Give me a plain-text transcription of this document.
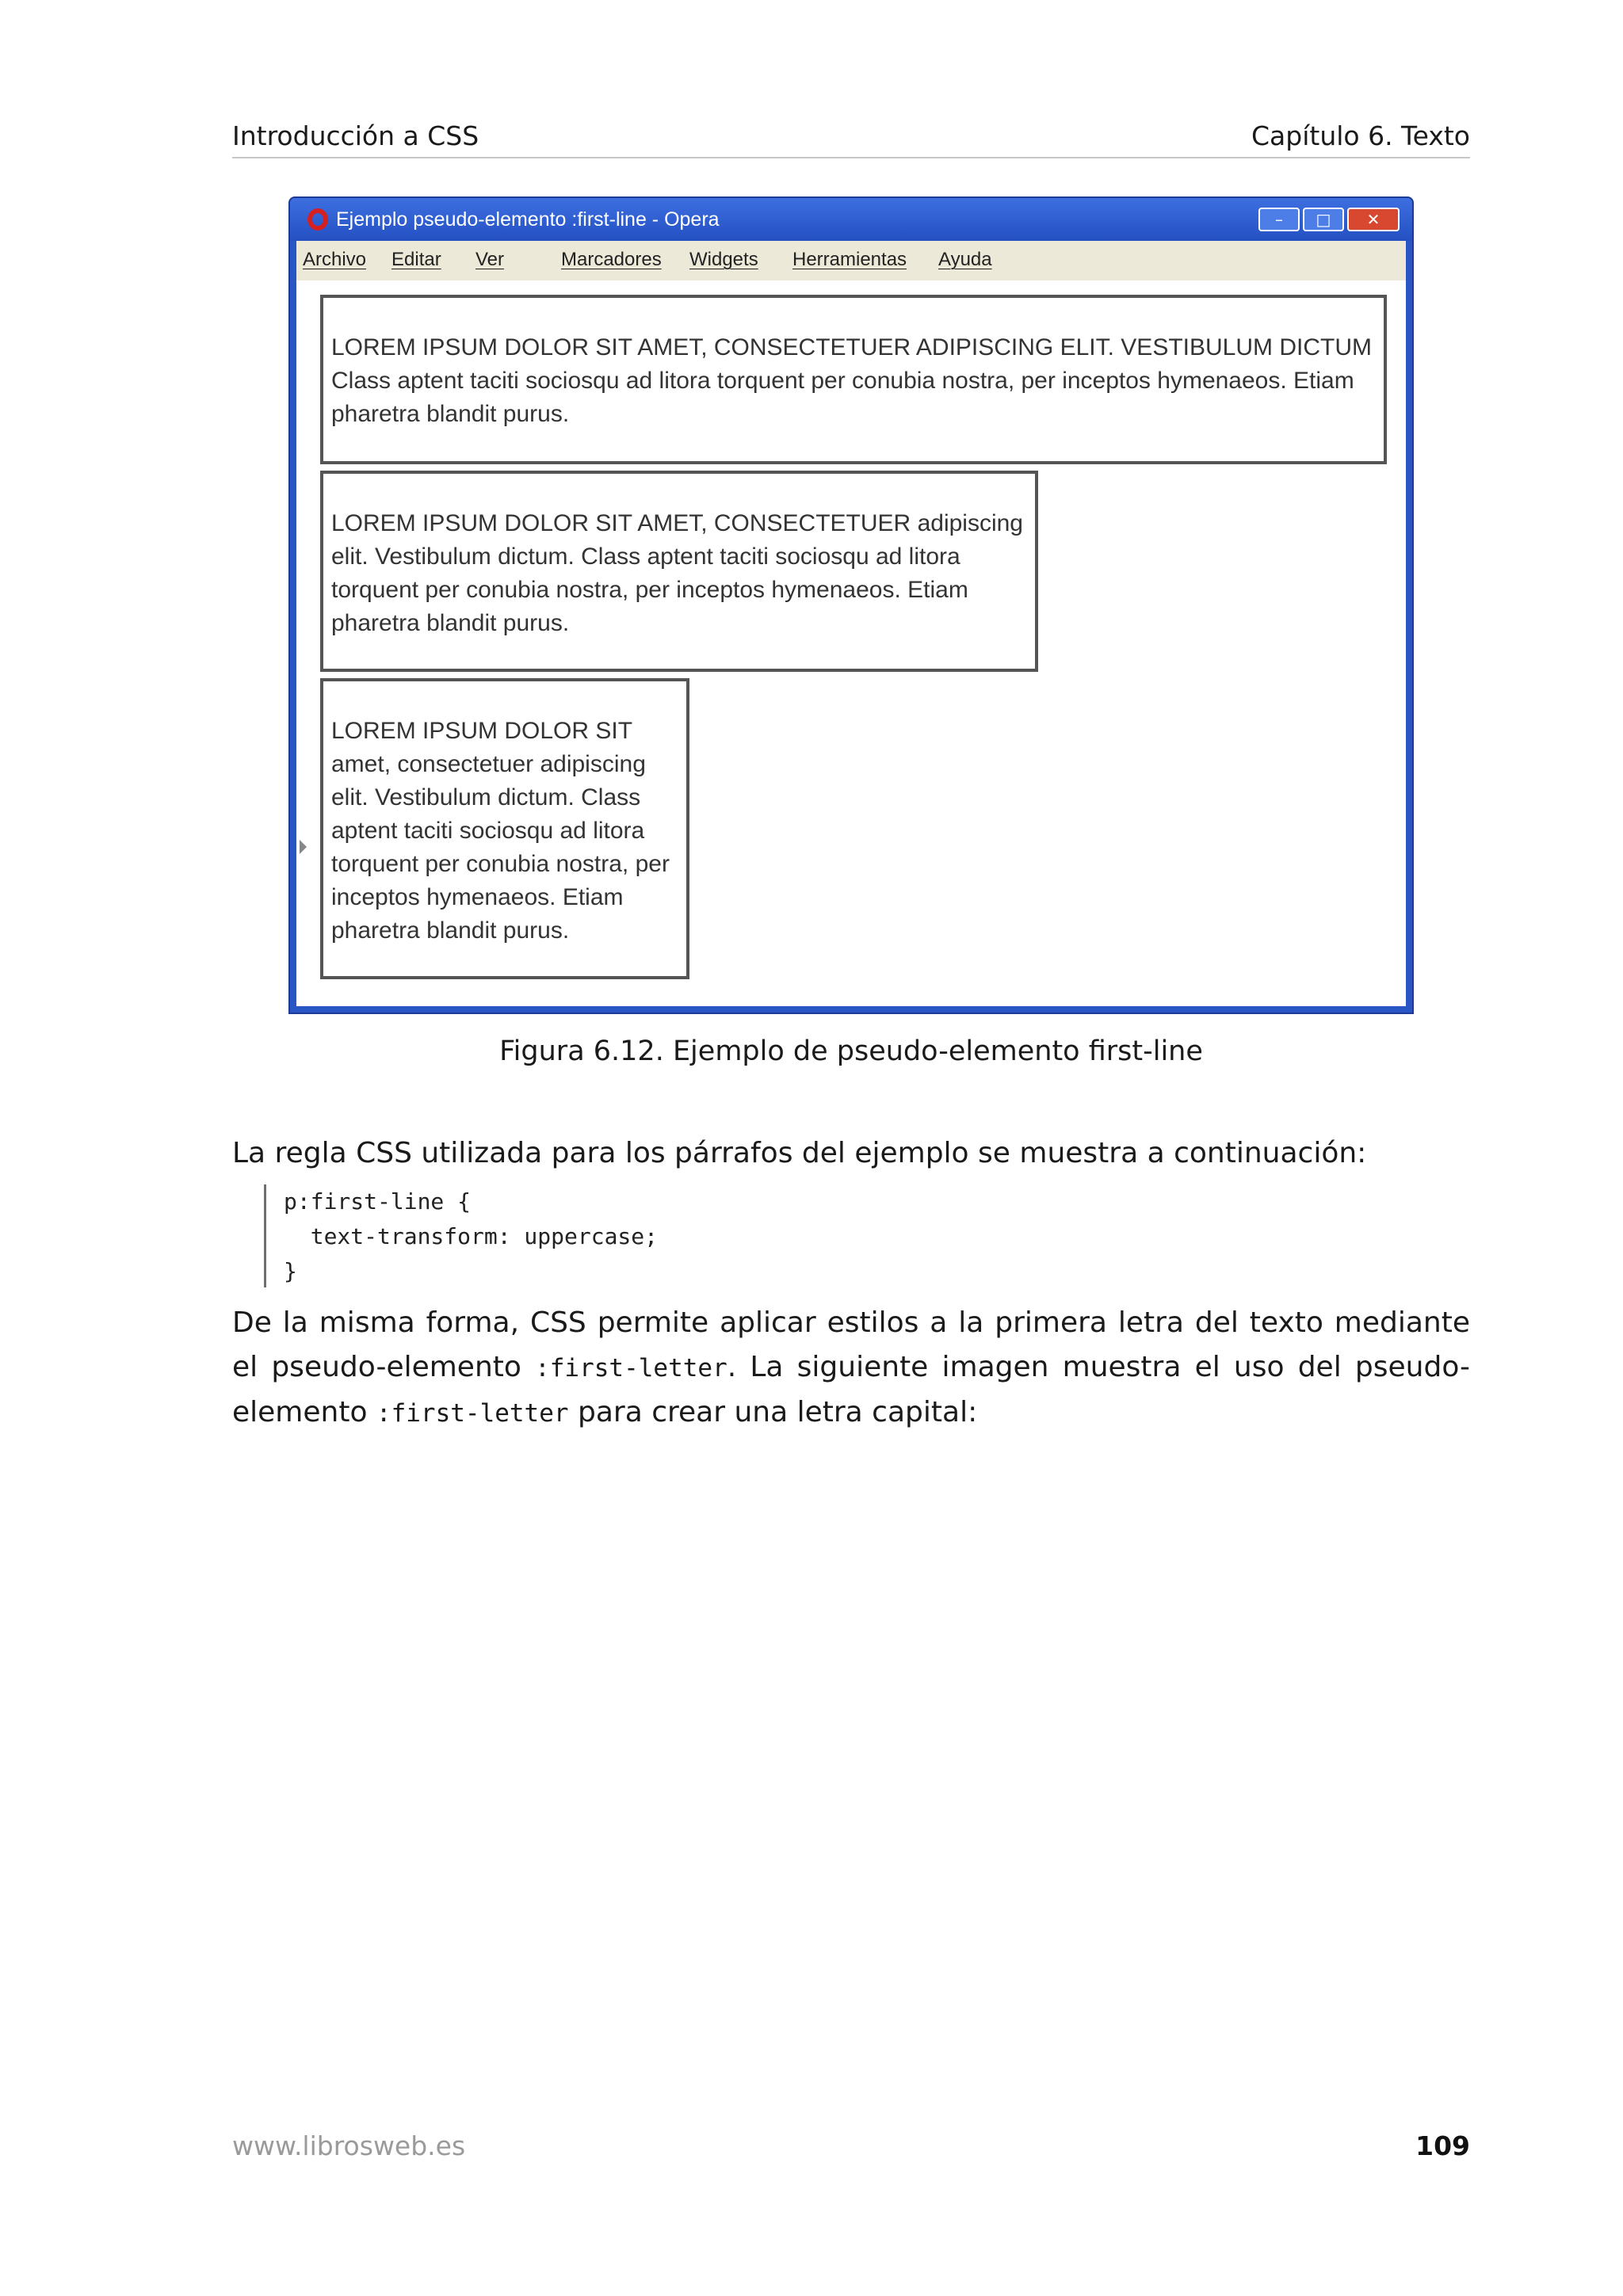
Introducción a CSS	Capítulo 6. Texto
Ejemplo pseudo-elemento :first-line - Opera	–	□	✕
Archivo Editar Ver	Marcadores Widgets Herramientas Ayuda
LOREM IPSUM DOLOR SIT AMET, CONSECTETUER ADIPISCING ELIT. VESTIBULUM DICTUM Class aptent taciti sociosqu ad litora torquent per conubia nostra, per inceptos hymenaeos. Etiam pharetra blandit purus.
LOREM IPSUM DOLOR SIT AMET, CONSECTETUER adipiscing elit. Vestibulum dictum. Class aptent taciti sociosqu ad litora torquent per conubia nostra, per inceptos hymenaeos. Etiam pharetra blandit purus.
LOREM IPSUM DOLOR SIT amet, consectetuer adipiscing elit. Vestibulum dictum. Class aptent taciti sociosqu ad litora torquent per conubia nostra, per inceptos hymenaeos. Etiam pharetra blandit purus.
Figura 6.12. Ejemplo de pseudo-elemento first-line
La regla CSS utilizada para los párrafos del ejemplo se muestra a continuación:
p:first-line {
text-transform: uppercase;
}
De la misma forma, CSS permite aplicar estilos a la primera letra del texto mediante el pseudo-elemento :first-letter. La siguiente imagen muestra el uso del pseudo-elemento :first-letter para crear una letra capital:
www.librosweb.es	109
